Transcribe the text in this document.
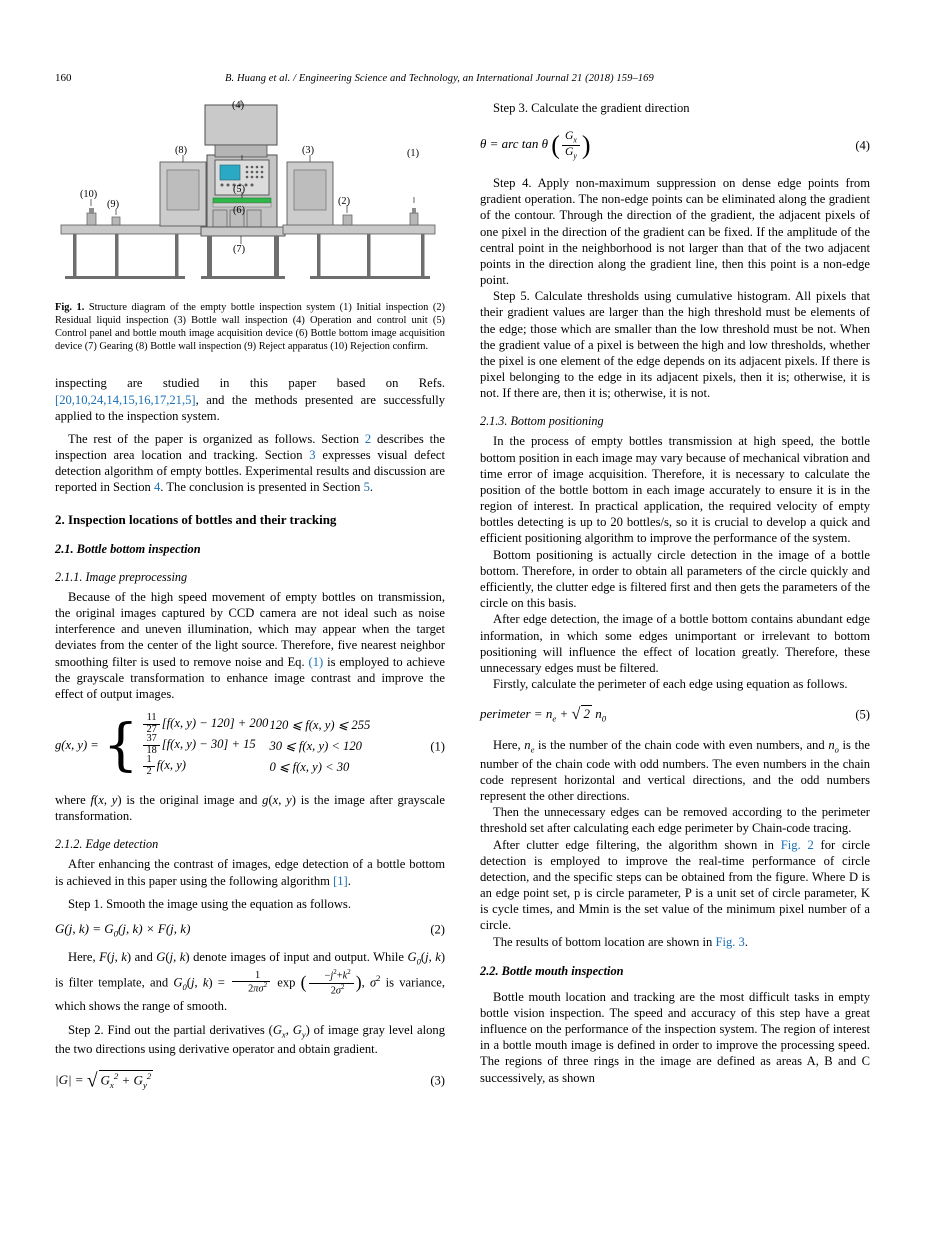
160	B. Huang et al. / Engineering Science and Technology, an International Journal 21 (2018) 159–169
(4)
(8)	(3)	(1)
(10)
(9)
(5)
(6)
(2)
(7)
Fig. 1. Structure diagram of the empty bottle inspection system (1) Initial inspection (2) Residual liquid inspection (3) Bottle wall inspection (4) Operation and control unit (5) Control panel and bottle mouth image acquisition device (6) Bottle bottom image acquisition device (7) Gearing (8) Bottle wall inspection (9) Reject apparatus (10) Rejection confirm.

inspecting are studied in this paper based on Refs. [20,10,24,14,15,16,17,21,5], and the methods presented are successfully applied to the inspection system.

The rest of the paper is organized as follows. Section 2 describes the inspection area location and tracking. Section 3 expresses visual defect detection algorithm of empty bottles. Experimental results and discussion are reported in Section 4. The conclusion is presented in Section 5.

2. Inspection locations of bottles and their tracking
2.1. Bottle bottom inspection
2.1.1. Image preprocessing

Because of the high speed movement of empty bottles on transmission, the original images captured by CCD camera are not ideal such as noise interference and uneven illumination, which may appear when the target deviates from the center of the light source. Therefore, five nearest neighbor smoothing filter is used to remove noise and Eq. (1) is employed to achieve the grayscale transformation to enhance image contrast and improve the effect of output images.

g(x, y) = { $\frac{11}{27} [f(x$, y) − 120] + 200 120 ⩽ f(x, y) ⩽ 255
$\frac{37}{18} [f(x$, y) − 30] + 15	30 ⩽ f(x, y) < 120
$\frac{1}{2} f(x$, y)	0 ⩽ f(x, y) < 30
(1)

where f(x, y) is the original image and g(x, y) is the image after grayscale transformation.

2.1.2. Edge detection

After enhancing the contrast of images, edge detection of a bottle bottom is achieved in this paper using the following algorithm [1].

Step 1. Smooth the image using the equation as follows.

G(j, $k) = G_0(j$, k) × F(j, k)	(2)

Here, F(j, k) and G(j, k) denote images of input and output. While $G_0(j$, k) is filter template, and $G_0(j$, $k) = \frac{1}{2\pi\sigma^2}$ exp ( $\frac{-j^2+k^2}{2\sigma^2}$ ), $\sigma^2$ is variance, which shows the range of smooth.

Step 2. Find out the partial derivatives ($G_x$, $G_y$) of image gray level along the two directions using derivative operator and obtain gradient.

|G| = √ $G_x^2 + G_y^2$	(3)

Step 3. Calculate the gradient direction

θ = arc tan θ ( $\frac{G_x}{G_y}$ )	(4)

Step 4. Apply non-maximum suppression on dense edge points from gradient operation. The non-edge points can be eliminated along the gradient of the contour. Through the direction of the gradient, the adjacent pixels of one pixel in the direction of the gradient can be fixed. If the amplitude of the central point in the neighborhood is not larger than that of the two adjacent points in the direction along the gradient line, then this point is a non-edge point.

Step 5. Calculate thresholds using cumulative histogram. All pixels that their gradient values are larger than the high threshold must be elements of the edge; those which are smaller than the low threshold must be not. When the gradient value of a pixel is between the high and low thresholds, whether the pixel is one element of the edge depends on its adjacent pixels. If there is pixel belonging to the edge in its adjacent pixels, then it is; otherwise, it is not. If there are, then it is; otherwise, it is not.

2.1.3. Bottom positioning

In the process of empty bottles transmission at high speed, the bottle bottom position in each image may vary because of mechanical vibration and time error of image acquisition. Therefore, it is necessary to calculate the position of the bottle bottom in each image accurately to ensure it is in the region of interest. In practical application, the required velocity of empty bottles detecting is up to 20 bottles/s, so it is crucial to develop a quick and efficient positioning algorithm to improve the performance of the system.

Bottom positioning is actually circle detection in the image of a bottle bottom. Therefore, in order to obtain all parameters of the circle quickly and efficiently, the clutter edge is filtered first and then gets the parameters of the circle on this basis.

After edge detection, the image of a bottle bottom contains abundant edge information, in which some edges unimportant or irrelevant to bottom positioning will influence the effect of location greatly. Therefore, these unnecessary edges must be filtered.

Firstly, calculate the perimeter of each edge using equation as follows.

perimeter = $n_e$ + √ 2 $n_0$	(5)

Here, $n_e$ is the number of the chain code with even numbers, and $n_o$ is the number of the chain code with odd numbers. The even numbers in the chain code represent horizontal and vertical directions, and the odd numbers represent the other directions.

Then the unnecessary edges can be removed according to the perimeter threshold set after calculating each edge perimeter by Chain-code tracing.

After clutter edge filtering, the algorithm shown in Fig. 2 for circle detection is employed to improve the real-time performance of circle detection, and the specific steps can be obtained from the figure. Where D is an edge point set, p is circle parameter, P is a unit set of circle parameter, K is cycle times, and Mmin is the set value of the minimum pixel number of a circle.

The results of bottom location are shown in Fig. 3.

2.2. Bottle mouth inspection

Bottle mouth location and tracking are the most difficult tasks in empty bottle vision inspection. The speed and accuracy of this step have a great influence on the performance of the inspection system. The region of interest in a bottle mouth image is defined in order to improve the processing speed. The regions of three rings in the image are defined as areas A, B and C successively, as shown
